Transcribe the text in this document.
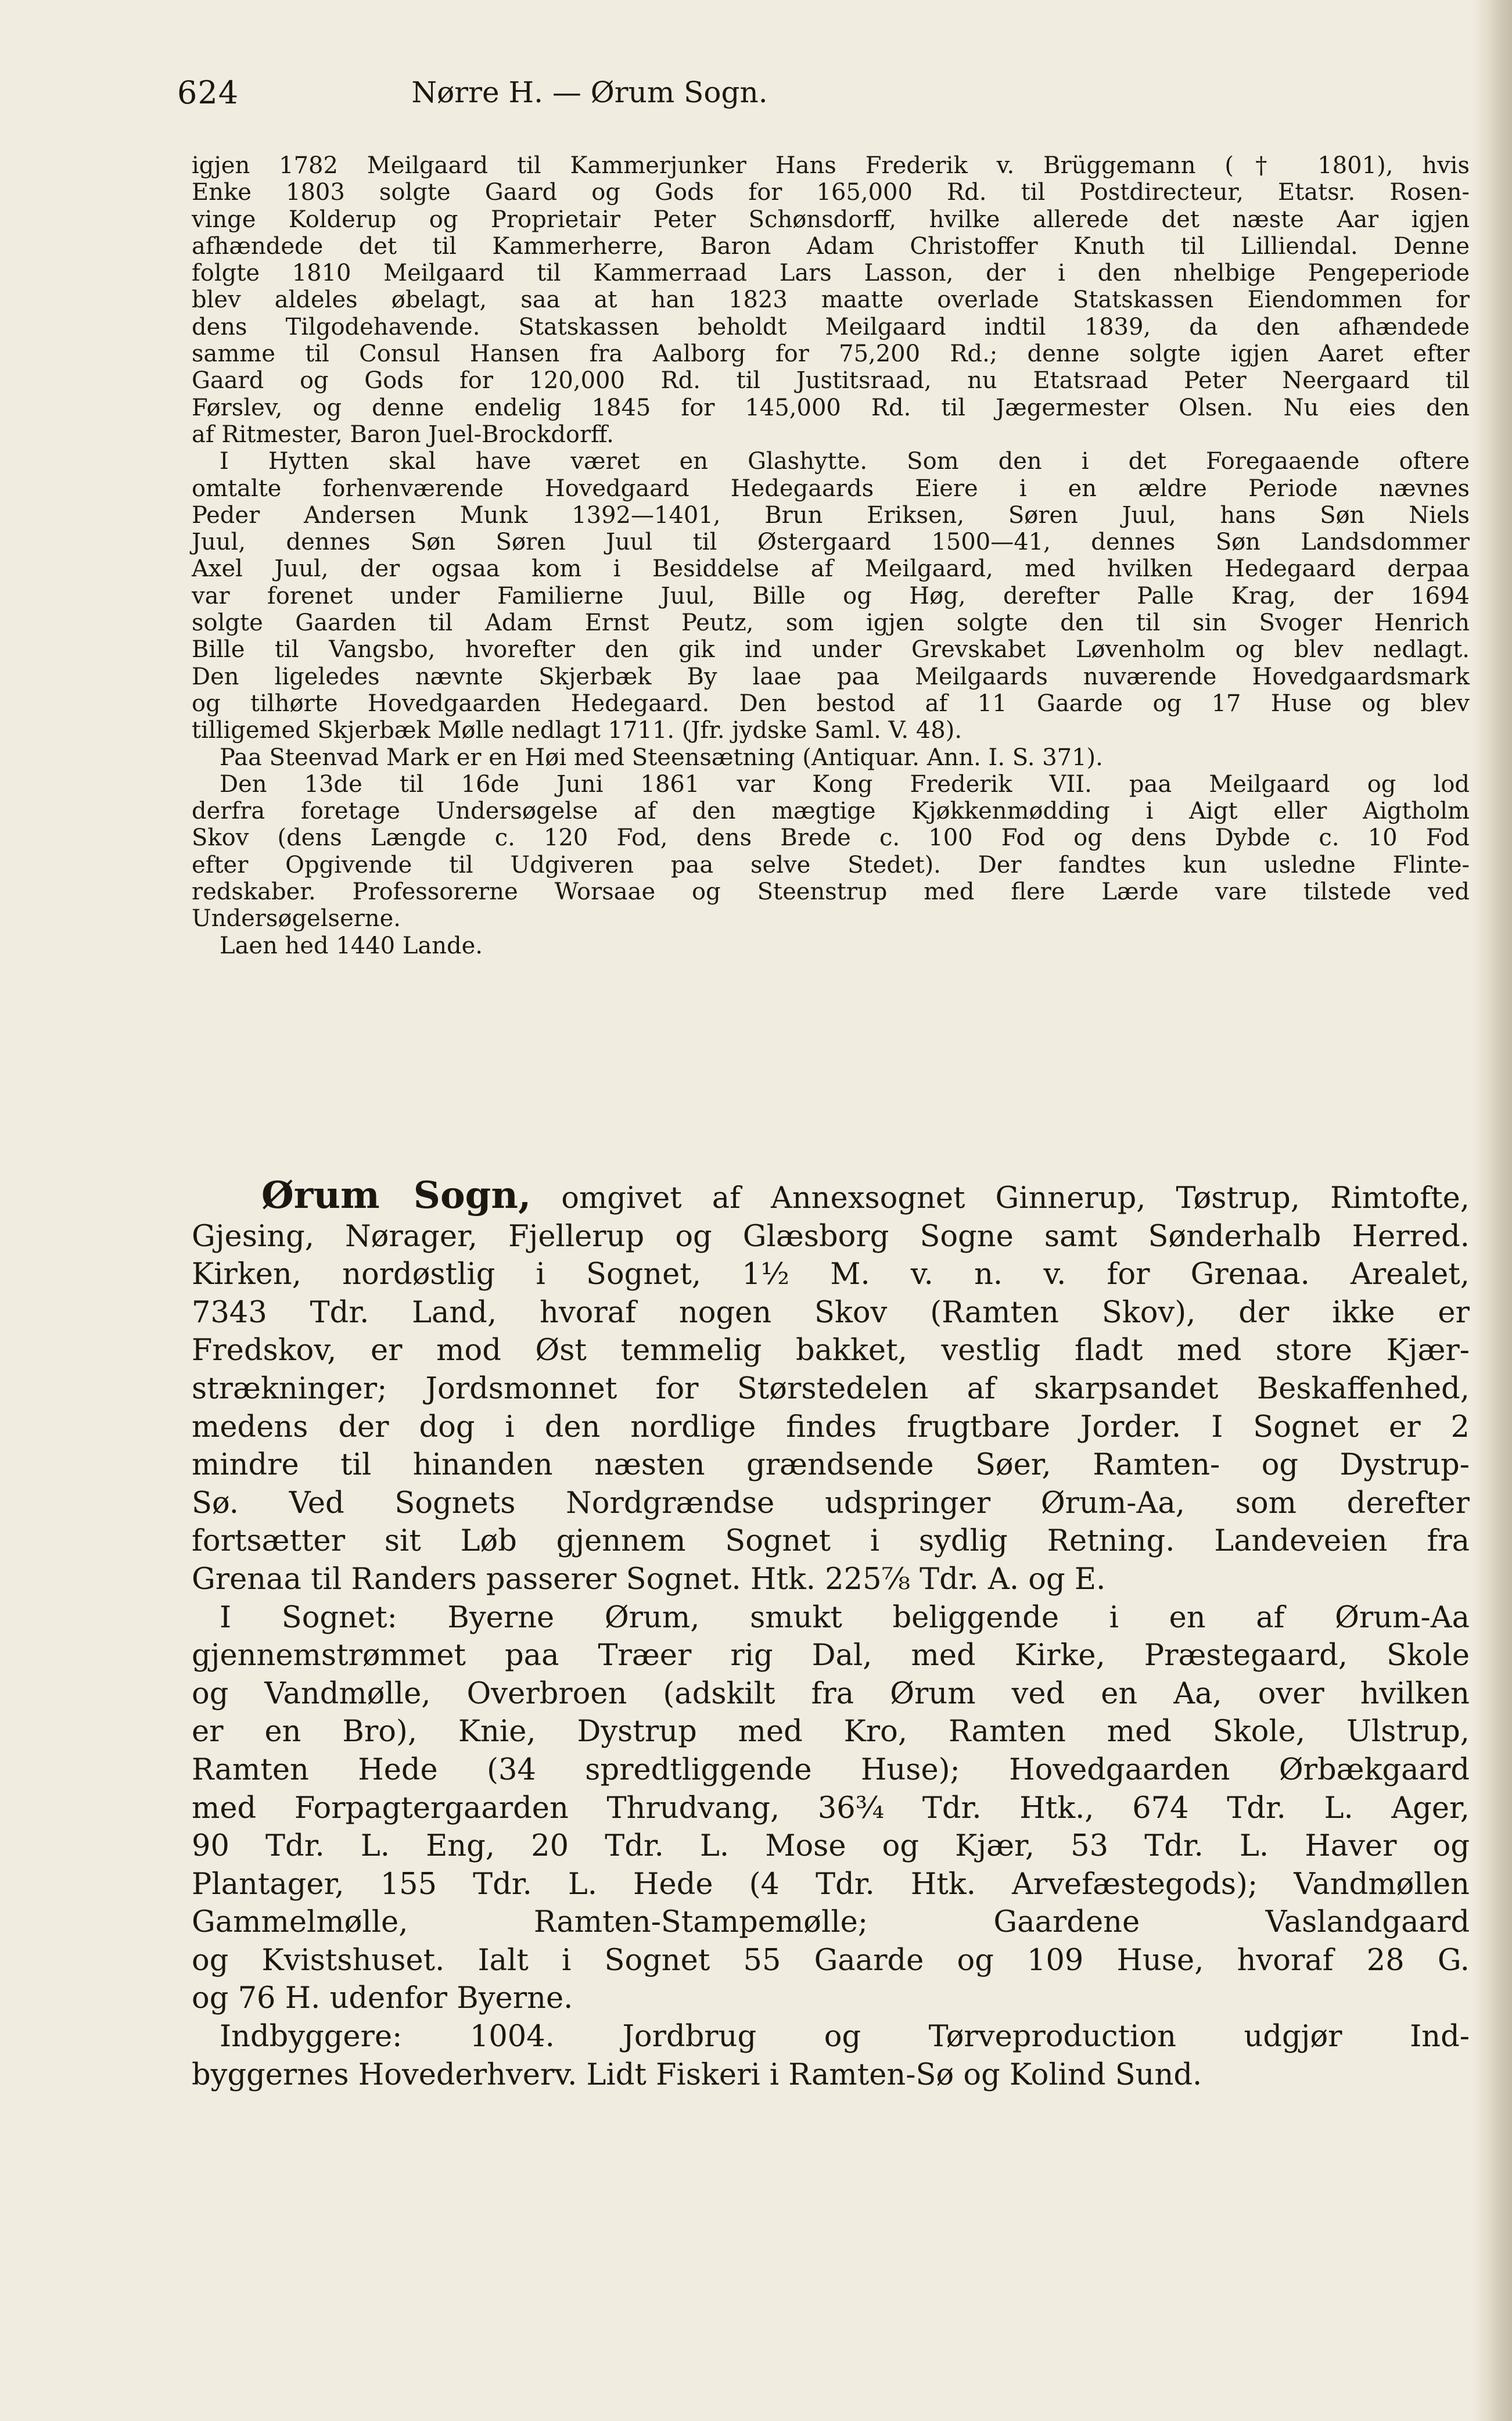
624	Nørre H. — Ørum Sogn.
igjen 1782 Meilgaard til Kammerjunker Hans Frederik v. Brüggemann († 1801), hvis
Enke 1803 solgte Gaard og Gods for 165,000 Rd. til Postdirecteur, Etatsr. Rosen-
vinge Kolderup og Proprietair Peter Schønsdorff, hvilke allerede det næste Aar igjen
afhændede det til Kammerherre, Baron Adam Christoffer Knuth til Lilliendal. Denne
folgte 1810 Meilgaard til Kammerraad Lars Lasson, der i den nhelbige Pengeperiode
blev aldeles øbelagt, saa at han 1823 maatte overlade Statskassen Eiendommen for
dens Tilgodehavende. Statskassen beholdt Meilgaard indtil 1839, da den afhændede
samme til Consul Hansen fra Aalborg for 75,200 Rd.; denne solgte igjen Aaret efter
Gaard og Gods for 120,000 Rd. til Justitsraad, nu Etatsraad Peter Neergaard til
Førslev, og denne endelig 1845 for 145,000 Rd. til Jægermester Olsen. Nu eies den
af Ritmester, Baron Juel-Brockdorff.
I Hytten skal have været en Glashytte. Som den i det Foregaaende oftere
omtalte forhenværende Hovedgaard Hedegaards Eiere i en ældre Periode nævnes
Peder Andersen Munk 1392—1401, Brun Eriksen, Søren Juul, hans Søn Niels
Juul, dennes Søn Søren Juul til Østergaard 1500—41, dennes Søn Landsdommer
Axel Juul, der ogsaa kom i Besiddelse af Meilgaard, med hvilken Hedegaard derpaa
var forenet under Familierne Juul, Bille og Høg, derefter Palle Krag, der 1694
solgte Gaarden til Adam Ernst Peutz, som igjen solgte den til sin Svoger Henrich
Bille til Vangsbo, hvorefter den gik ind under Grevskabet Løvenholm og blev nedlagt.
Den ligeledes nævnte Skjerbæk By laae paa Meilgaards nuværende Hovedgaardsmark
og tilhørte Hovedgaarden Hedegaard. Den bestod af 11 Gaarde og 17 Huse og blev
tilligemed Skjerbæk Mølle nedlagt 1711. (Jfr. jydske Saml. V. 48).
Paa Steenvad Mark er en Høi med Steensætning (Antiquar. Ann. I. S. 371).
Den 13de til 16de Juni 1861 var Kong Frederik VII. paa Meilgaard og lod
derfra foretage Undersøgelse af den mægtige Kjøkkenmødding i Aigt eller Aigtholm
Skov (dens Længde c. 120 Fod, dens Brede c. 100 Fod og dens Dybde c. 10 Fod
efter Opgivende til Udgiveren paa selve Stedet). Der fandtes kun usledne Flinte-
redskaber. Professorerne Worsaae og Steenstrup med flere Lærde vare tilstede ved
Undersøgelserne.
Laen hed 1440 Lande.
Ørum Sogn, omgivet af Annexsognet Ginnerup, Tøstrup, Rimtofte,
Gjesing, Nørager, Fjellerup og Glæsborg Sogne samt Sønderhalb Herred.
Kirken, nordøstlig i Sognet, 1½ M. v. n. v. for Grenaa. Arealet,
7343 Tdr. Land, hvoraf nogen Skov (Ramten Skov), der ikke er
Fredskov, er mod Øst temmelig bakket, vestlig fladt med store Kjær-
strækninger; Jordsmonnet for Størstedelen af skarpsandet Beskaffenhed,
medens der dog i den nordlige findes frugtbare Jorder. I Sognet er 2
mindre til hinanden næsten grændsende Søer, Ramten- og Dystrup-
Sø. Ved Sognets Nordgrændse udspringer Ørum-Aa, som derefter
fortsætter sit Løb gjennem Sognet i sydlig Retning. Landeveien fra
Grenaa til Randers passerer Sognet. Htk. 225⅞ Tdr. A. og E.
I Sognet: Byerne Ørum, smukt beliggende i en af Ørum-Aa
gjennemstrømmet paa Træer rig Dal, med Kirke, Præstegaard, Skole
og Vandmølle, Overbroen (adskilt fra Ørum ved en Aa, over hvilken
er en Bro), Knie, Dystrup med Kro, Ramten med Skole, Ulstrup,
Ramten Hede (34 spredtliggende Huse); Hovedgaarden Ørbækgaard
med Forpagtergaarden Thrudvang, 36¾ Tdr. Htk., 674 Tdr. L. Ager,
90 Tdr. L. Eng, 20 Tdr. L. Mose og Kjær, 53 Tdr. L. Haver og
Plantager, 155 Tdr. L. Hede (4 Tdr. Htk. Arvefæstegods); Vandmøllen
Gammelmølle, Ramten-Stampemølle; Gaardene Vaslandgaard
og Kvistshuset. Ialt i Sognet 55 Gaarde og 109 Huse, hvoraf 28 G.
og 76 H. udenfor Byerne.
Indbyggere: 1004. Jordbrug og Tørveproduction udgjør Ind-
byggernes Hovederhverv. Lidt Fiskeri i Ramten-Sø og Kolind Sund.
